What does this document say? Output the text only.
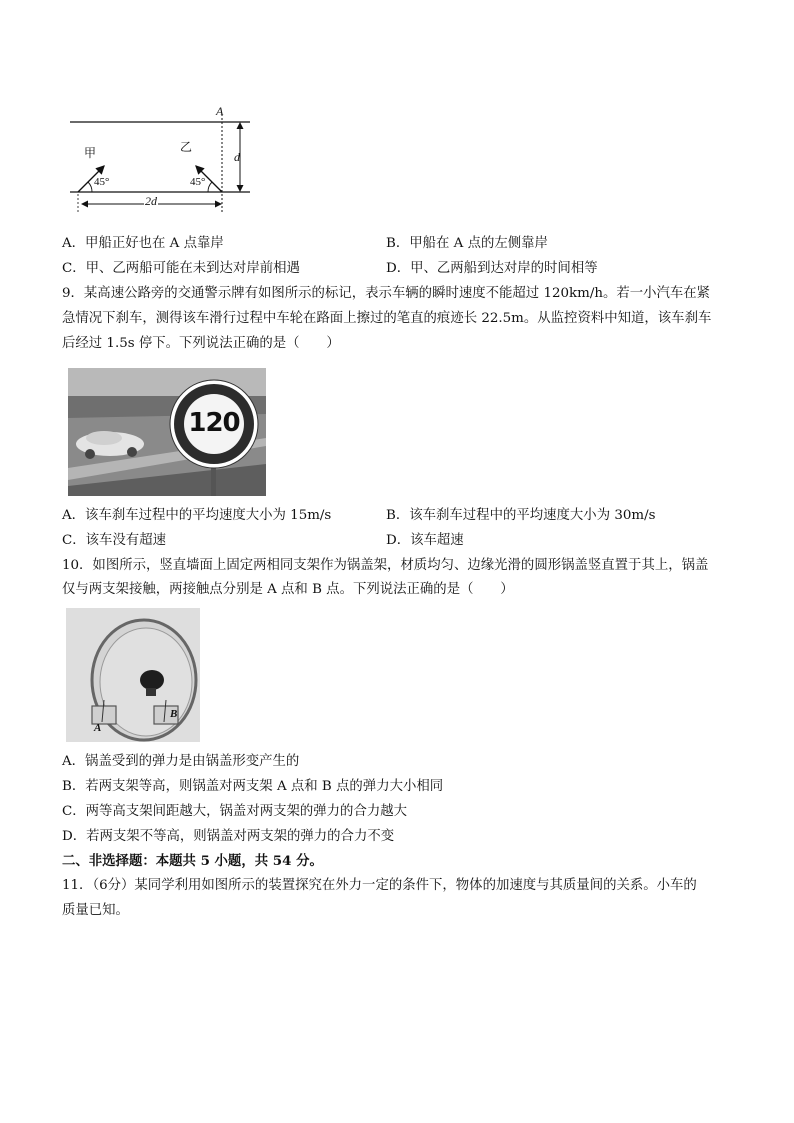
A
d
甲	乙
45°	45°
2d
A．甲船正好也在 A 点靠岸	B．甲船在 A 点的左侧靠岸
C．甲、乙两船可能在未到达对岸前相遇	D．甲、乙两船到达对岸的时间相等
9．某高速公路旁的交通警示牌有如图所示的标记，表示车辆的瞬时速度不能超过 120km/h。若一小汽车在紧
急情况下刹车，测得该车滑行过程中车轮在路面上擦过的笔直的痕迹长 22.5m。从监控资料中知道，该车刹车
后经过 1.5s 停下。下列说法正确的是（　　）
120
A．该车刹车过程中的平均速度大小为 15m/s	B．该车刹车过程中的平均速度大小为 30m/s
C．该车没有超速	D．该车超速
10．如图所示，竖直墙面上固定两相同支架作为锅盖架，材质均匀、边缘光滑的圆形锅盖竖直置于其上，锅盖
仅与两支架接触，两接触点分别是 A 点和 B 点。下列说法正确的是（　　）
A
B
A．锅盖受到的弹力是由锅盖形变产生的
B．若两支架等高，则锅盖对两支架 A 点和 B 点的弹力大小相同
C．两等高支架间距越大，锅盖对两支架的弹力的合力越大
D．若两支架不等高，则锅盖对两支架的弹力的合力不变
二、非选择题：本题共 5 小题，共 54 分。
11．（6分）某同学利用如图所示的装置探究在外力一定的条件下，物体的加速度与其质量间的关系。小车的
质量已知。
